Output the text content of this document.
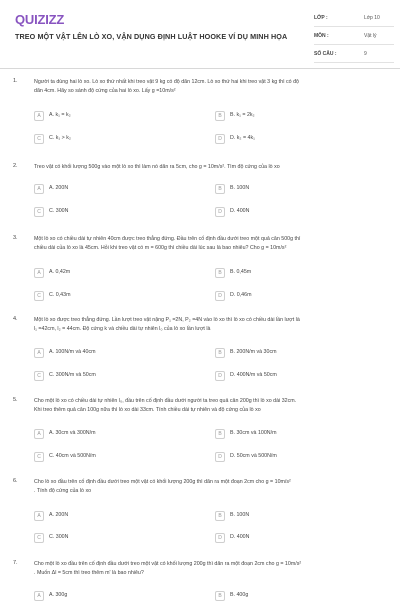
QUIZIZZ
TREO MỘT VẬT LÊN LÒ XO, VẬN DỤNG ĐỊNH LUẬT HOOKE VÍ DỤ MINH HỌA
LỚP :	Lớp 10
MÔN :	Vật lý
SỐ CÂU :	9
1.	Người ta dùng hai lò xo. Lò xo thứ nhất khi treo vật 9 kg có độ dãn 12cm. Lò xo thứ hai khi treo vật 3 kg thì có độ
dãn 4cm. Hãy so sánh độ cứng của hai lò xo. Lấy g =10m/s²
A	A. k₁ = k₂	B	B. k₁ = 2k₂
C	C. k₁ > k₂	D	D. k₂ = 4k₁
2.	Treo vật có khối lượng 500g vào một lò xo thì làm nó dãn ra 5cm, cho g = 10m/s². Tìm độ cứng của lò xo
A	A. 200N	B	B. 100N
C	C. 300N	D	D. 400N
3.	Một lò xo có chiều dài tự nhiên 40cm được treo thẳng đứng. Đầu trên cố định đầu dưới treo một quả cân 500g thì
chiều dài của lò xo là 45cm. Hỏi khi treo vật có m = 600g thì chiều dài lúc sau là bao nhiêu? Cho g = 10m/s²
A	A. 0,42m	B	B. 0,45m
C	C. 0,43m	D	D. 0,46m
4.	Một lò xo được treo thẳng đứng. Lần lượt treo vật nặng P₁ =2N, P₂ =4N vào lò xo thì lò xo có chiều dài lần lượt là
l₁ =42cm, l₂ = 44cm. Độ cứng k và chiều dài tự nhiên l₀ của lò xo lần lượt là
A	A. 100N/m và 40cm	B	B. 200N/m và 30cm
C	C. 300N/m và 50cm	D	D. 400N/m và 50cm
5.	Cho một lò xo có chiều dài tự nhiên l₀, đầu trên cố định đầu dưới người ta treo quả cân 200g thì lò xo dài 32cm.
Khi treo thêm quả cân 100g nữa thì lò xo dài 33cm. Tính chiều dài tự nhiên và độ cứng của lò xo
A	A. 30cm và 300N/m	B	B. 30cm và 100N/m
C	C. 40cm và 500N/m	D	D. 50cm và 500N/m
6.	Cho lò xo đầu trên cố định đầu dưới treo một vật có khối lượng 200g thì dãn ra một đoạn 2cm cho g = 10m/s²
. Tính độ cứng của lò xo
A	A. 200N	B	B. 100N
C	C. 300N	D	D. 400N
7.	Cho một lò xo đầu trên cố định đầu dưới treo một vật có khối lượng 200g thì dãn ra một đoạn 2cm cho g = 10m/s²
. Muốn Δl = 5cm thì treo thêm m' là bao nhiêu?
A	A. 300g	B	B. 400g
